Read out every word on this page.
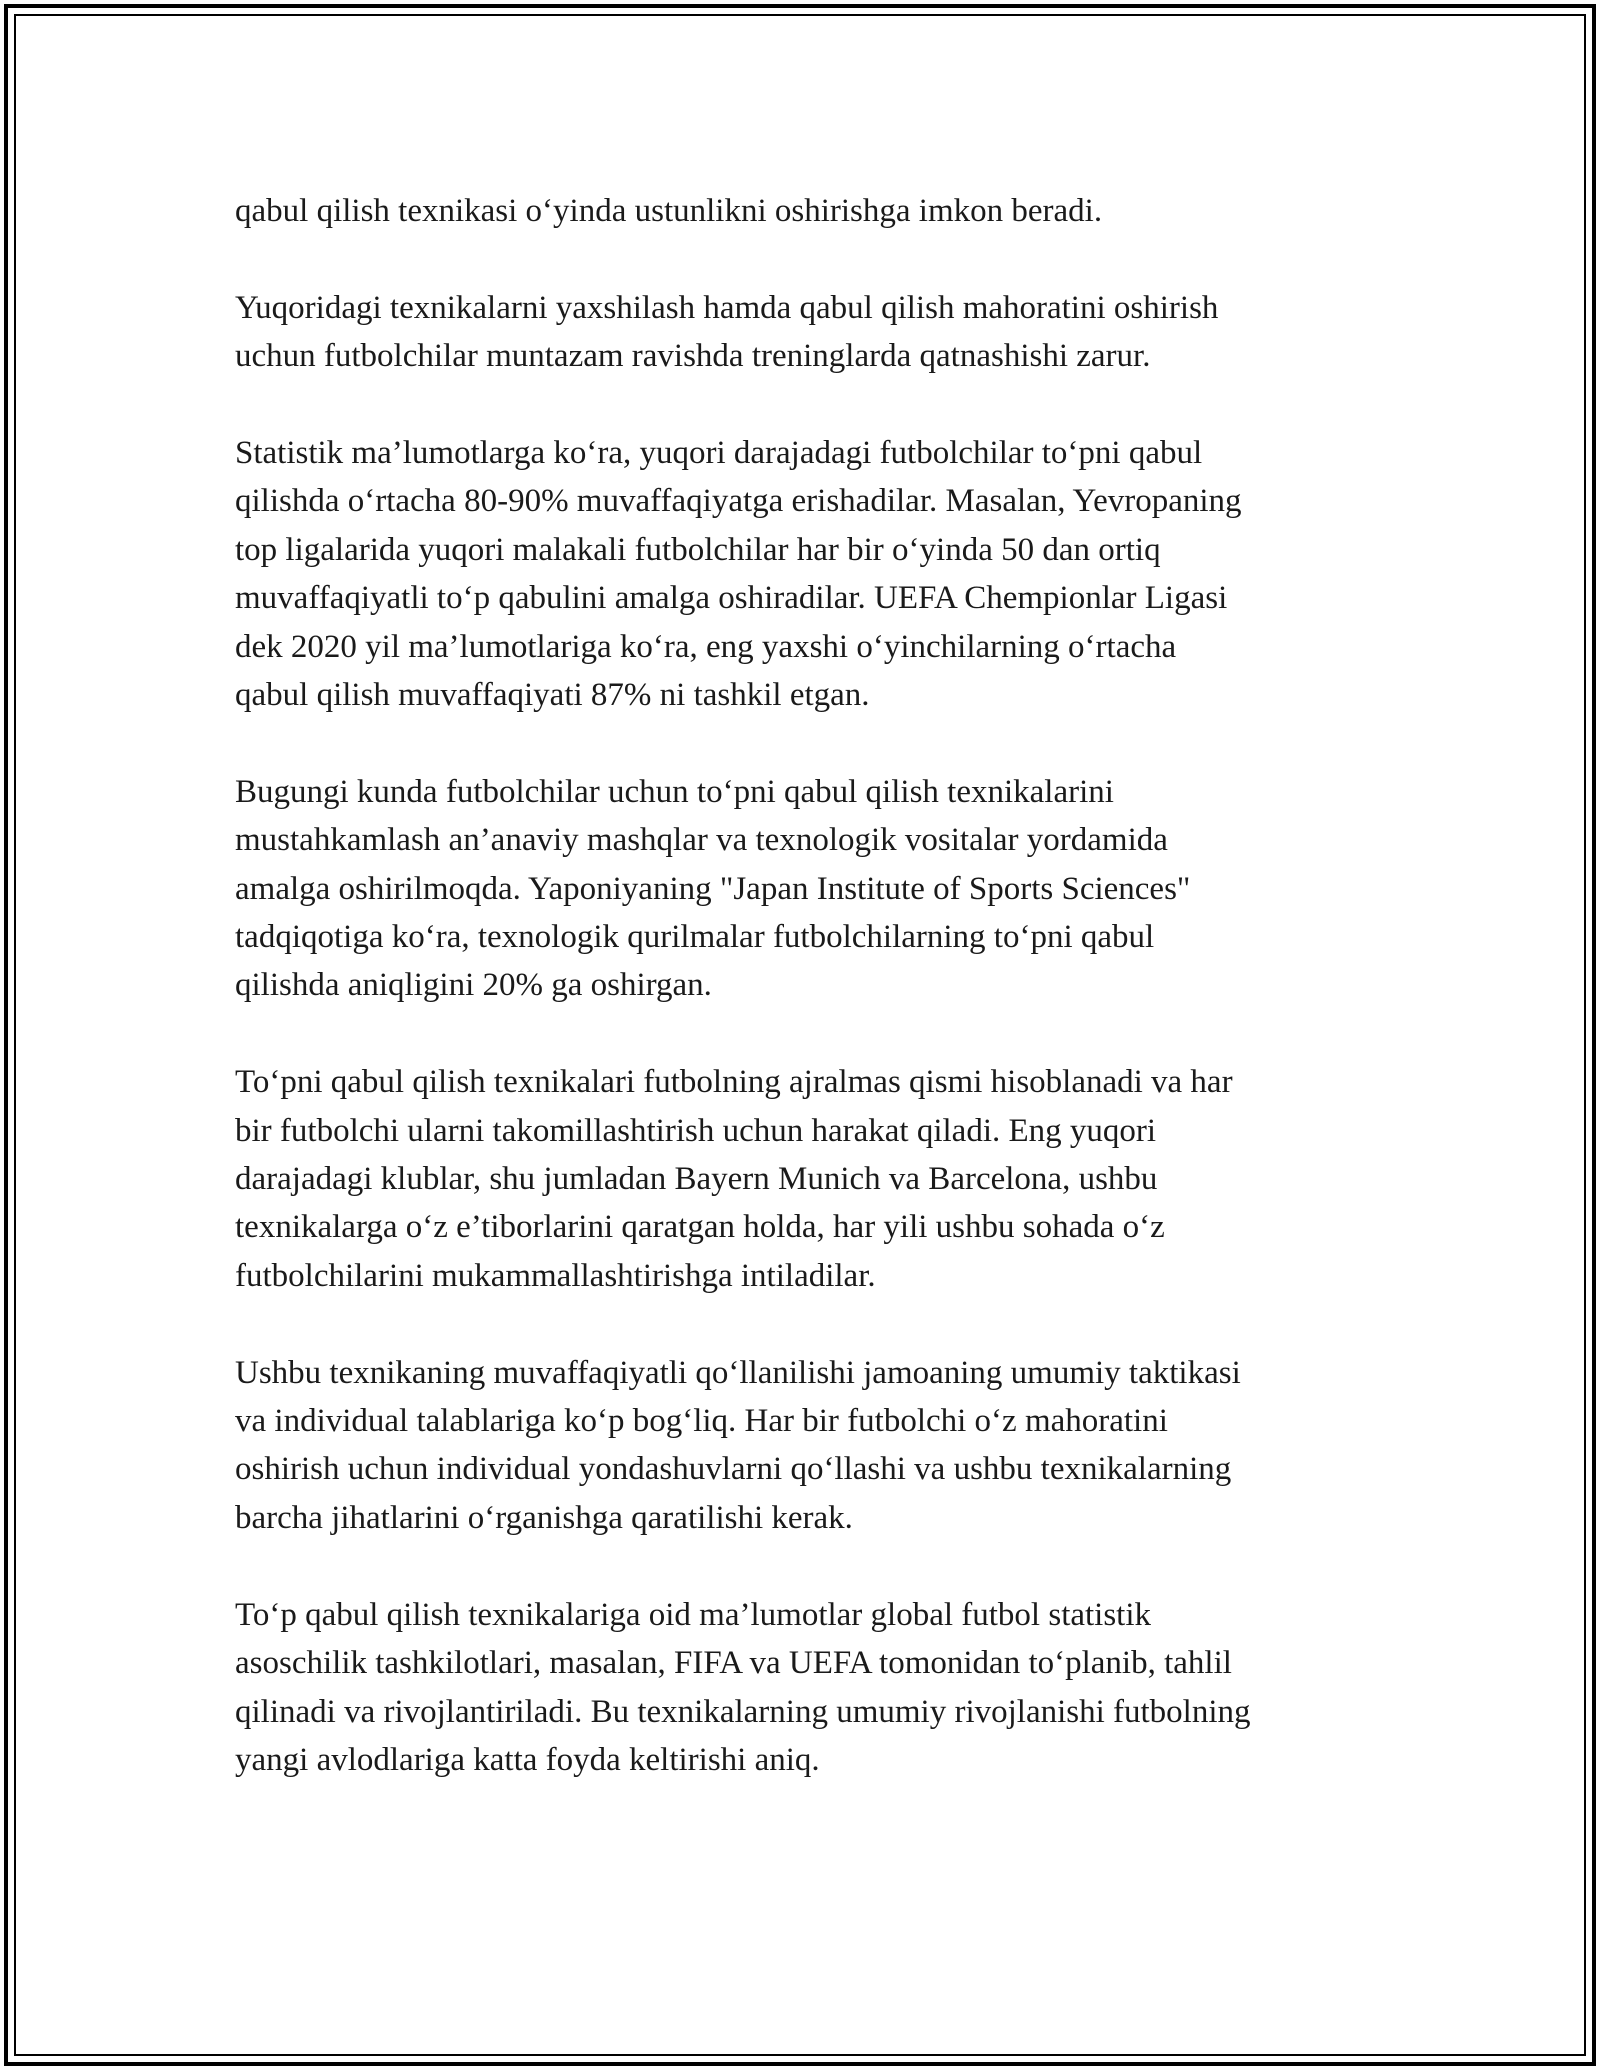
qabul qilish texnikasi o‘yinda ustunlikni oshirishga imkon beradi.

Yuqoridagi texnikalarni yaxshilash hamda qabul qilish mahoratini oshirish
uchun futbolchilar muntazam ravishda treninglarda qatnashishi zarur.

Statistik ma’lumotlarga ko‘ra, yuqori darajadagi futbolchilar to‘pni qabul
qilishda o‘rtacha 80-90% muvaffaqiyatga erishadilar. Masalan, Yevropaning
top ligalarida yuqori malakali futbolchilar har bir o‘yinda 50 dan ortiq
muvaffaqiyatli to‘p qabulini amalga oshiradilar. UEFA Chempionlar Ligasi
dek 2020 yil ma’lumotlariga ko‘ra, eng yaxshi o‘yinchilarning o‘rtacha
qabul qilish muvaffaqiyati 87% ni tashkil etgan.

Bugungi kunda futbolchilar uchun to‘pni qabul qilish texnikalarini
mustahkamlash an’anaviy mashqlar va texnologik vositalar yordamida
amalga oshirilmoqda. Yaponiyaning "Japan Institute of Sports Sciences"
tadqiqotiga ko‘ra, texnologik qurilmalar futbolchilarning to‘pni qabul
qilishda aniqligini 20% ga oshirgan.

To‘pni qabul qilish texnikalari futbolning ajralmas qismi hisoblanadi va har
bir futbolchi ularni takomillashtirish uchun harakat qiladi. Eng yuqori
darajadagi klublar, shu jumladan Bayern Munich va Barcelona, ushbu
texnikalarga o‘z e’tiborlarini qaratgan holda, har yili ushbu sohada o‘z
futbolchilarini mukammallashtirishga intiladilar.

Ushbu texnikaning muvaffaqiyatli qo‘llanilishi jamoaning umumiy taktikasi
va individual talablariga ko‘p bog‘liq. Har bir futbolchi o‘z mahoratini
oshirish uchun individual yondashuvlarni qo‘llashi va ushbu texnikalarning
barcha jihatlarini o‘rganishga qaratilishi kerak.

To‘p qabul qilish texnikalariga oid ma’lumotlar global futbol statistik
asoschilik tashkilotlari, masalan, FIFA va UEFA tomonidan to‘planib, tahlil
qilinadi va rivojlantiriladi. Bu texnikalarning umumiy rivojlanishi futbolning
yangi avlodlariga katta foyda keltirishi aniq.
